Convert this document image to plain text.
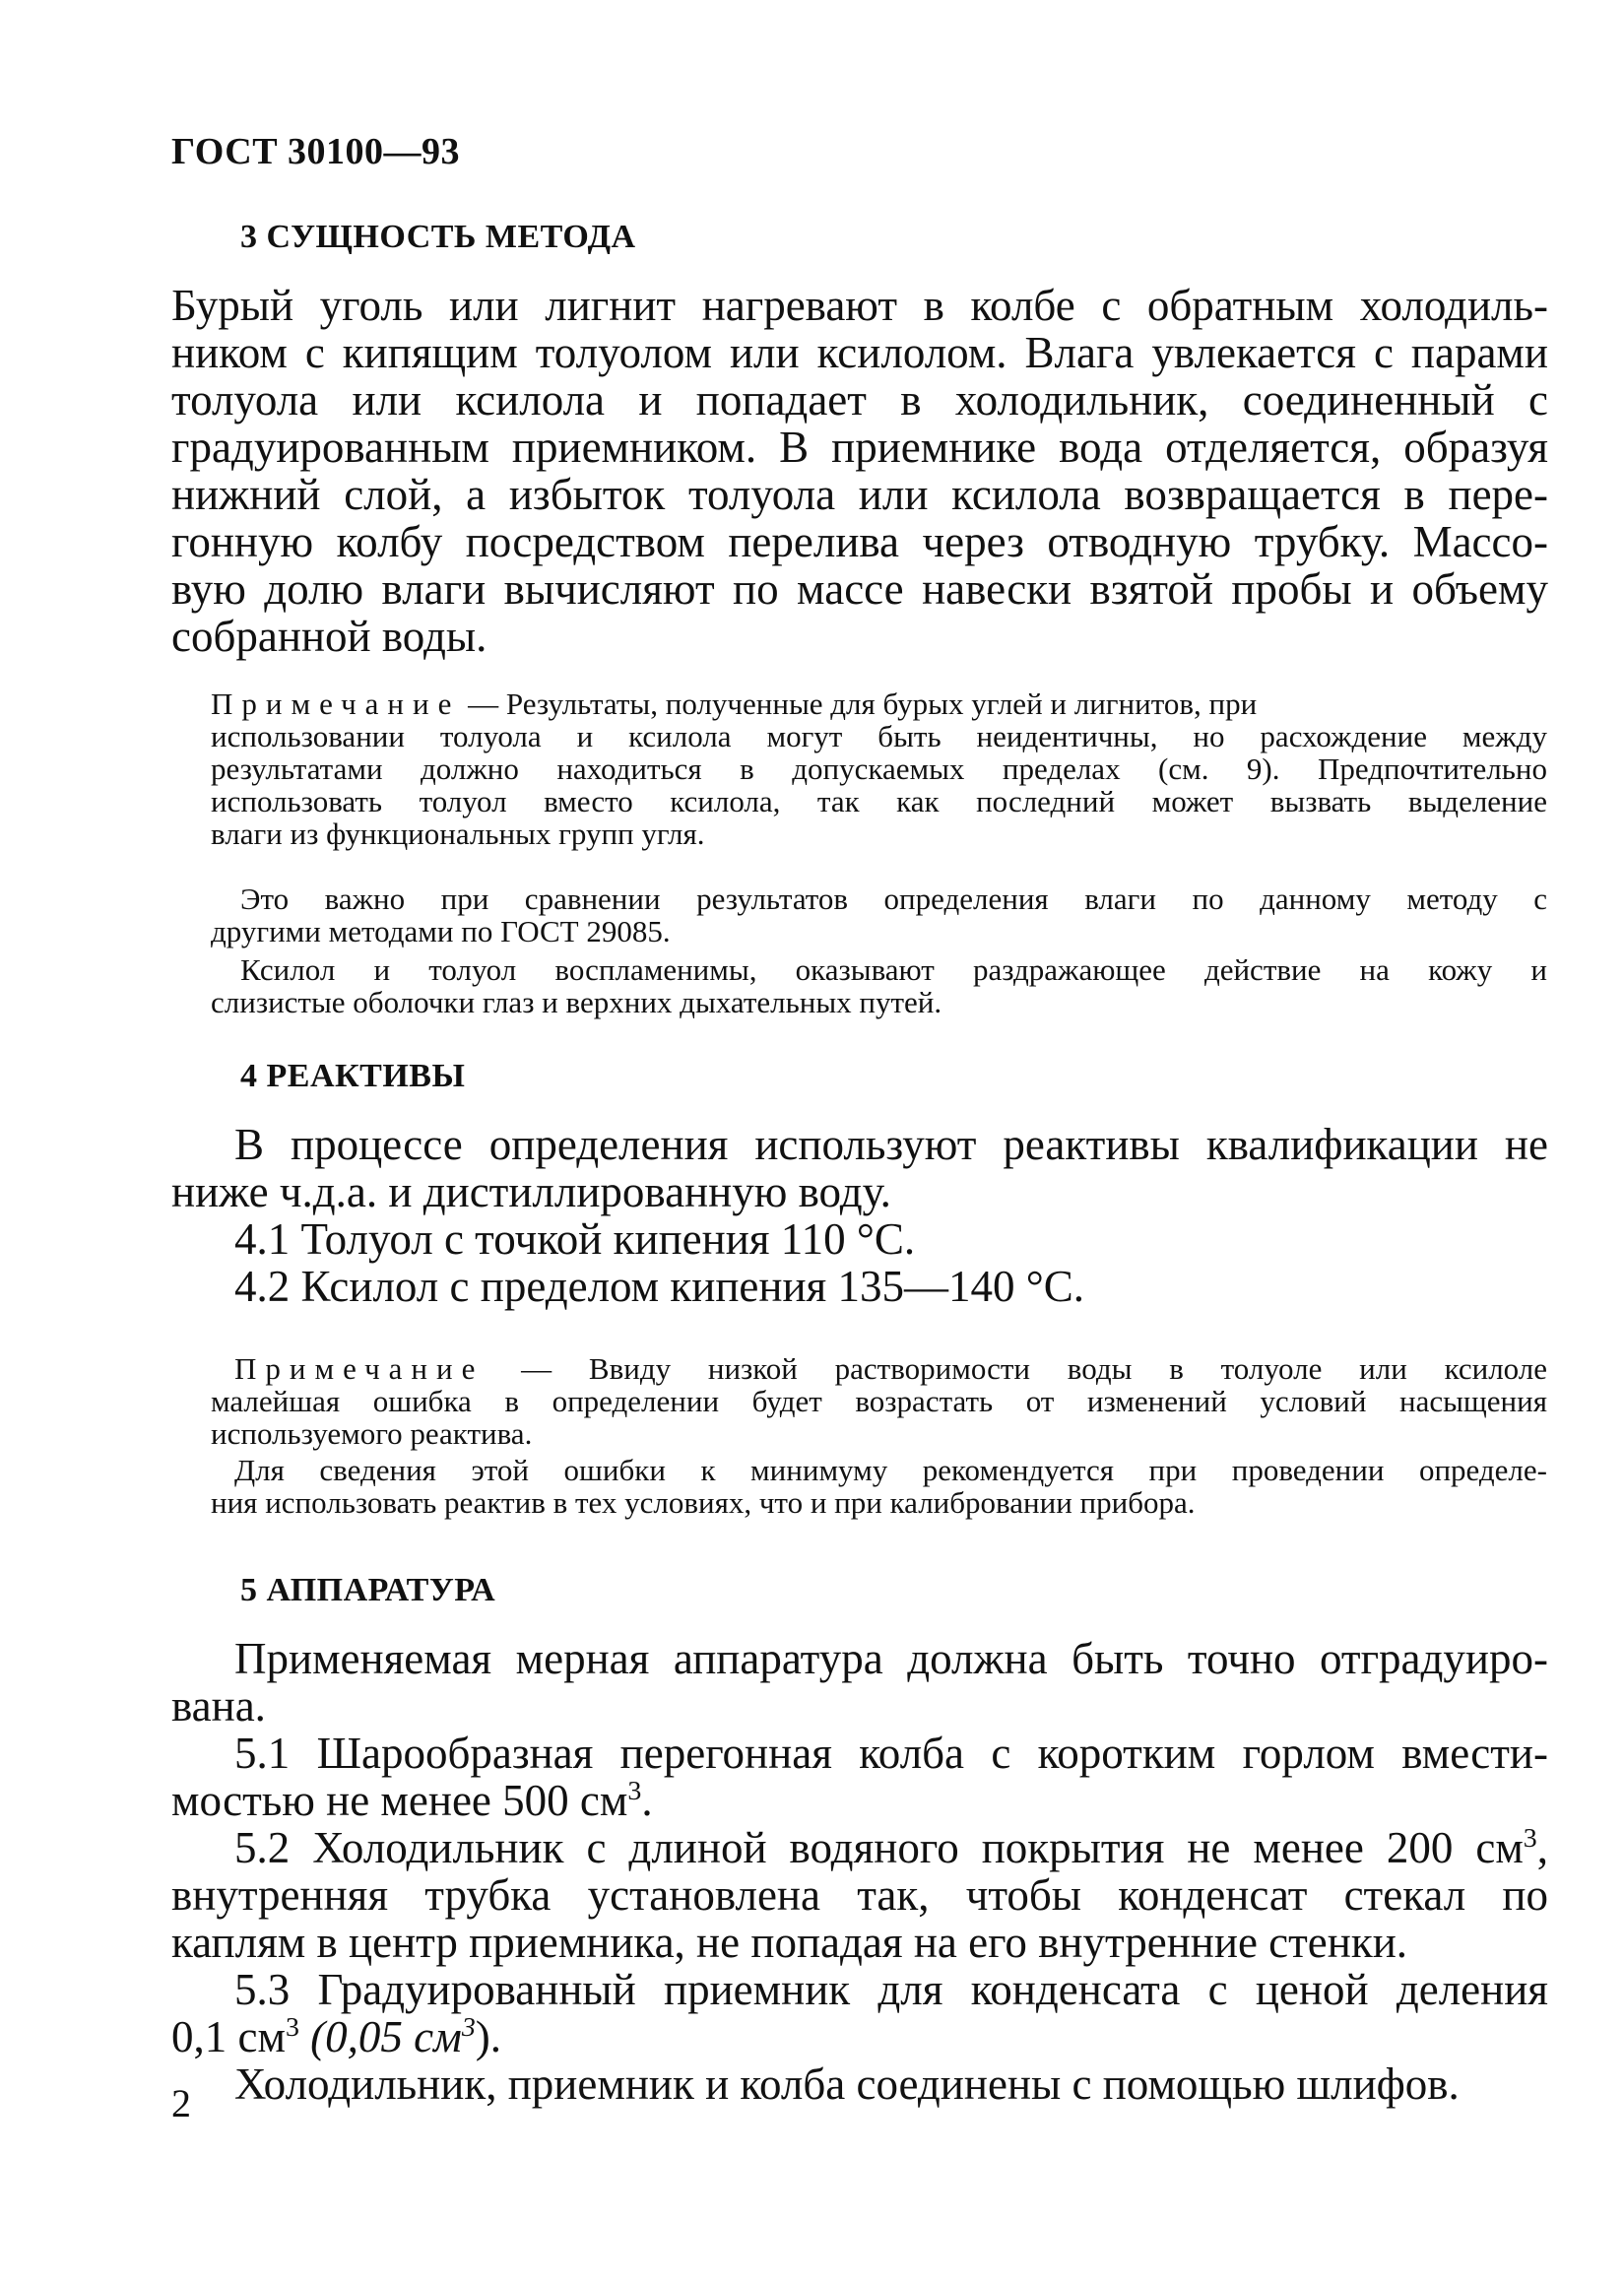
ГОСТ 30100—93
3 СУЩНОСТЬ МЕТОДА
Бурый уголь или лигнит нагревают в колбе с обратным холодиль-
ником с кипящим толуолом или ксилолом. Влага увлекается с парами
толуола или ксилола и попадает в холодильник, соединенный с
градуированным приемником. В приемнике вода отделяется, образуя
нижний слой, а избыток толуола или ксилола возвращается в пере-
гонную колбу посредством перелива через отводную трубку. Массо-
вую долю влаги вычисляют по массе навески взятой пробы и объему
собранной воды.
Примечание — Результаты, полученные для бурых углей и лигнитов, при
использовании толуола и ксилола могут быть неидентичны, но расхождение между
результатами должно находиться в допускаемых пределах (см. 9). Предпочтительно
использовать толуол вместо ксилола, так как последний может вызвать выделение
влаги из функциональных групп угля.
Это важно при сравнении результатов определения влаги по данному методу с
другими методами по ГОСТ 29085.
Ксилол и толуол воспламенимы, оказывают раздражающее действие на кожу и
слизистые оболочки глаз и верхних дыхательных путей.
4 РЕАКТИВЫ
В процессе определения используют реактивы квалификации не
ниже ч.д.а. и дистиллированную воду.
4.1 Толуол с точкой кипения 110 °С.
4.2 Ксилол с пределом кипения 135—140 °С.
Примечание — Ввиду низкой растворимости воды в толуоле или ксилоле
малейшая ошибка в определении будет возрастать от изменений условий насыщения
используемого реактива.
Для сведения этой ошибки к минимуму рекомендуется при проведении определе-
ния использовать реактив в тех условиях, что и при калибровании прибора.
5 АППАРАТУРА
Применяемая мерная аппаратура должна быть точно отградуиро-
вана.
5.1 Шарообразная перегонная колба с коротким горлом вмести-
мостью не менее 500 $см^3$.
5.2 Холодильник с длиной водяного покрытия не менее 200 $см^3$,
внутренняя трубка установлена так, чтобы конденсат стекал по
каплям в центр приемника, не попадая на его внутренние стенки.
5.3 Градуированный приемник для конденсата с ценой деления
0,1 $см^3$ (0,05 $см^3$).
Холодильник, приемник и колба соединены с помощью шлифов.
2
